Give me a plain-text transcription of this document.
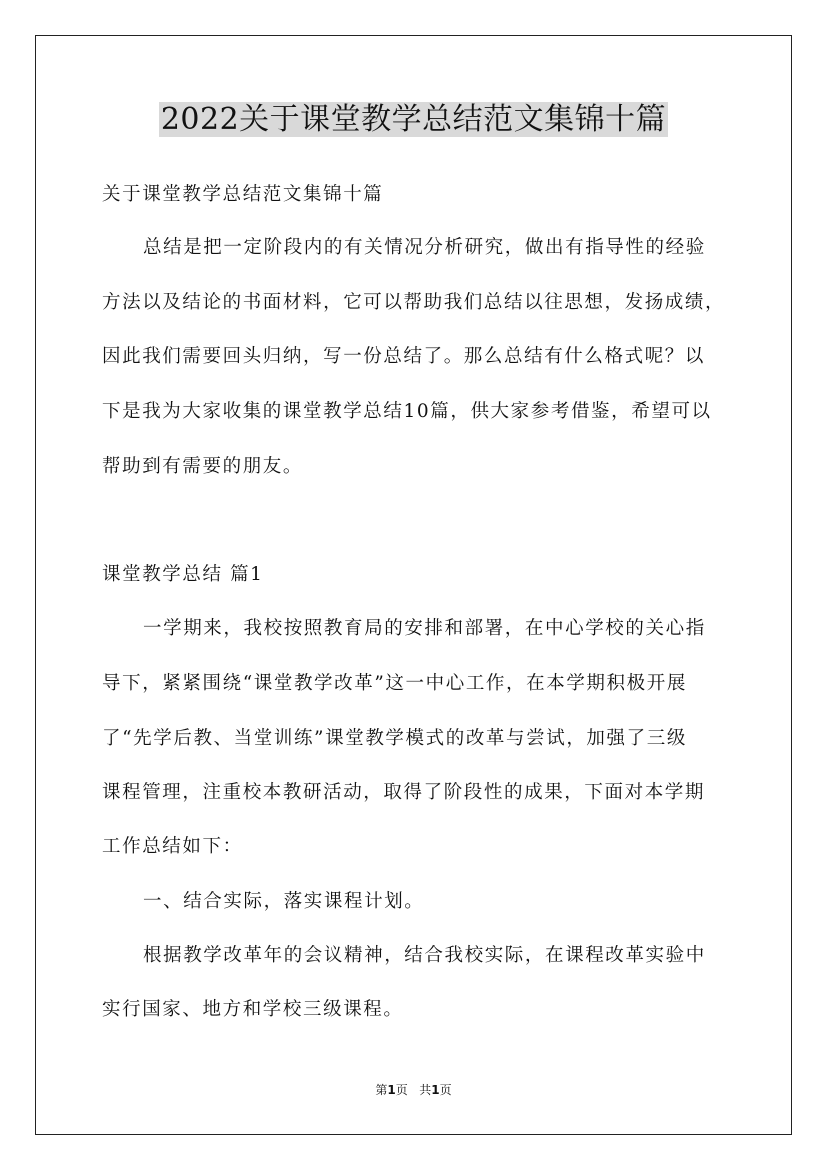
2022关于课堂教学总结范文集锦十篇
关于课堂教学总结范文集锦十篇
总结是把一定阶段内的有关情况分析研究，做出有指导性的经验
方法以及结论的书面材料，它可以帮助我们总结以往思想，发扬成绩，
因此我们需要回头归纳，写一份总结了。那么总结有什么格式呢？以
下是我为大家收集的课堂教学总结10篇，供大家参考借鉴，希望可以
帮助到有需要的朋友。
课堂教学总结 篇1
一学期来，我校按照教育局的安排和部署，在中心学校的关心指
导下，紧紧围绕“课堂教学改革”这一中心工作，在本学期积极开展
了“先学后教、当堂训练”课堂教学模式的改革与尝试，加强了三级
课程管理，注重校本教研活动，取得了阶段性的成果，下面对本学期
工作总结如下：
一、结合实际，落实课程计划。
根据教学改革年的会议精神，结合我校实际，在课程改革实验中
实行国家、地方和学校三级课程。
第1页 共1页
